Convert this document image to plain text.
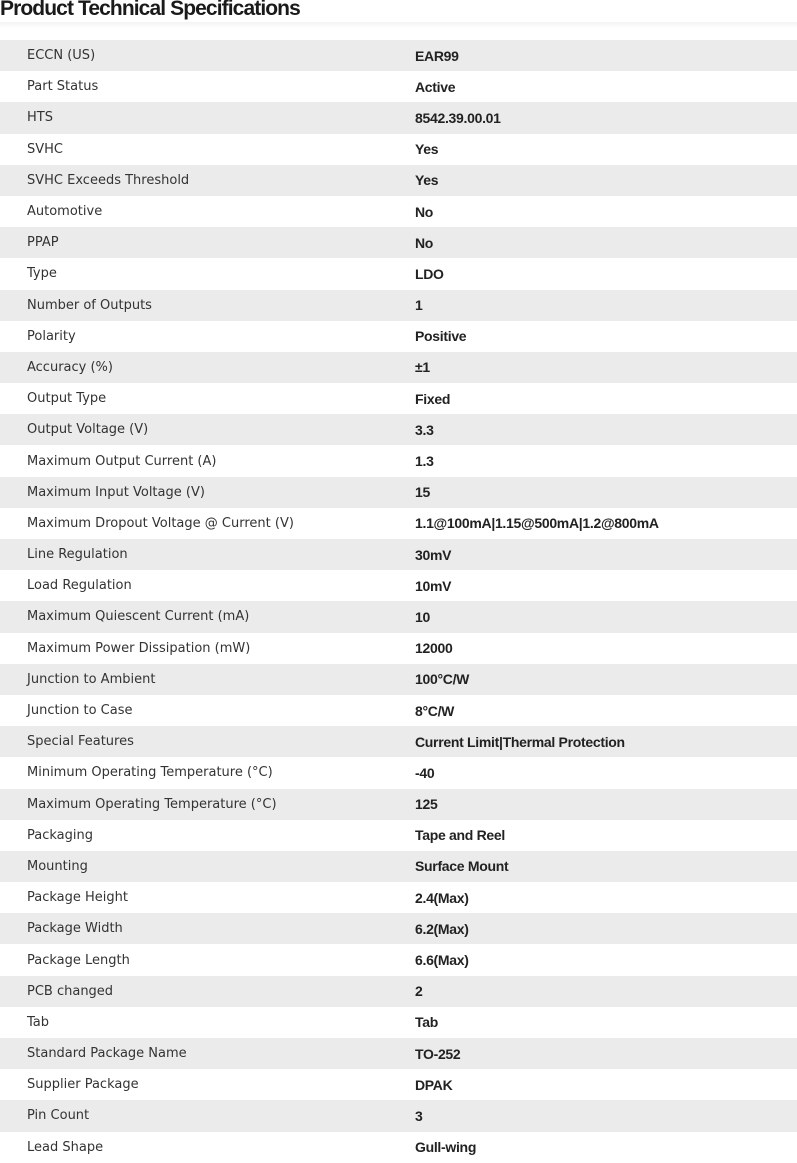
Product Technical Specifications
ECCN (US)	EAR99
Part Status	Active
HTS	8542.39.00.01
SVHC	Yes
SVHC Exceeds Threshold	Yes
Automotive	No
PPAP	No
Type	LDO
Number of Outputs	1
Polarity	Positive
Accuracy (%)	±1
Output Type	Fixed
Output Voltage (V)	3.3
Maximum Output Current (A)	1.3
Maximum Input Voltage (V)	15
Maximum Dropout Voltage @ Current (V)	1.1@100mA|1.15@500mA|1.2@800mA
Line Regulation	30mV
Load Regulation	10mV
Maximum Quiescent Current (mA)	10
Maximum Power Dissipation (mW)	12000
Junction to Ambient	100°C/W
Junction to Case	8°C/W
Special Features	Current Limit|Thermal Protection
Minimum Operating Temperature (°C)	-40
Maximum Operating Temperature (°C)	125
Packaging	Tape and Reel
Mounting	Surface Mount
Package Height	2.4(Max)
Package Width	6.2(Max)
Package Length	6.6(Max)
PCB changed	2
Tab	Tab
Standard Package Name	TO-252
Supplier Package	DPAK
Pin Count	3
Lead Shape	Gull-wing
